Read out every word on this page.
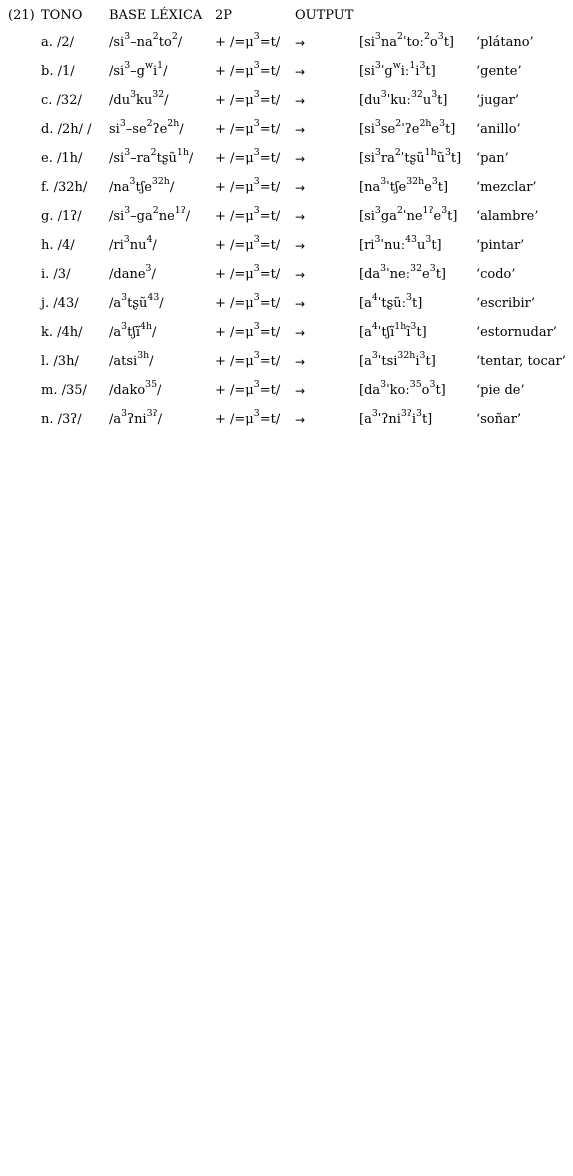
(21) TONO BASE LÉXICA 2P	OUTPUT
a. /2/	$/si^3-na^2to^2/$	+ $/=\mu^3=t/$ →	$[si^3na^2ˈtoː^2o^3t]$ ‘plátano’
b. /1/	$/si^3-g^wi^1/$	+ $/=\mu^3=t/$ →	$[si^3ˈg^wiː^1i^3t]$	‘gente’
c. /32/ $/du^3ku^{32}/$	+ $/=\mu^3=t/$ →	$[du^3ˈkuː^{32}u^3t]$ ‘jugar’
d. $/2h/ / si^3-se^2ʔe^{2h}/ + /=\mu^3=t/$ →	$[si^3se^2ˈʔe^{2h}e^3t]$ ‘anillo’
e. /1h/ $/si^3-ra^2tʂũ^{1h}/ + /=\mu^3=t/$ →	$[si^3ra^2ˈtʂũ^{1h}ũ^3t]$ ‘pan’
f. /32h/ $/na^3tʃe^{32h}/$	+ $/=\mu^3=t/$ →	$[na^3ˈtʃe^{32h}e^3t]$ ‘mezclar’
g. /1ʔ/ $/si^3-ga^2ne^{1ʔ}/ + /=\mu^3=t/$ →	$[si^3ga^2ˈne^{1ʔ}e^3t]$ ‘alambre’
h. /4/	$/ri^3nu^4/$	+ $/=\mu^3=t/$ →	$[ri^3ˈnuː^{43}u^3t]$	‘pintar’
i. /3/	/dane$^3$/	+ $/=\mu^3=t/$ →	$[da^3ˈneː^{32}e^3t]$ ‘codo’
j. /43/ $/a^3tʂũ^{43}/$	+ $/=\mu^3=t/$ →	$[a^4ˈtʂũː^3t]$	‘escribir’
k. /4h/ $/a^3tʃĩ^{4h}/$	+ $/=\mu^3=t/$ →	$[a^4ˈtʃĩ^{1h}ĩ^3t]$	‘estornudar’
l. /3h/ /atsi$^{3h}$/	+ $/=\mu^3=t/$ →	$[a^3ˈtsi^{32h}i^3t]$	‘tentar, tocar’
m. /35/ /dako$^{35}$/	+ $/=\mu^3=t/$ →	$[da^3ˈkoː^{35}o^3t]$ ‘pie de’
n. /3ʔ/ $/a^3ʔni^{3ʔ}/$	+ $/=\mu^3=t/$ →	$[a^3ˈʔni^{3ʔ}i^3t]$	‘soñar’
